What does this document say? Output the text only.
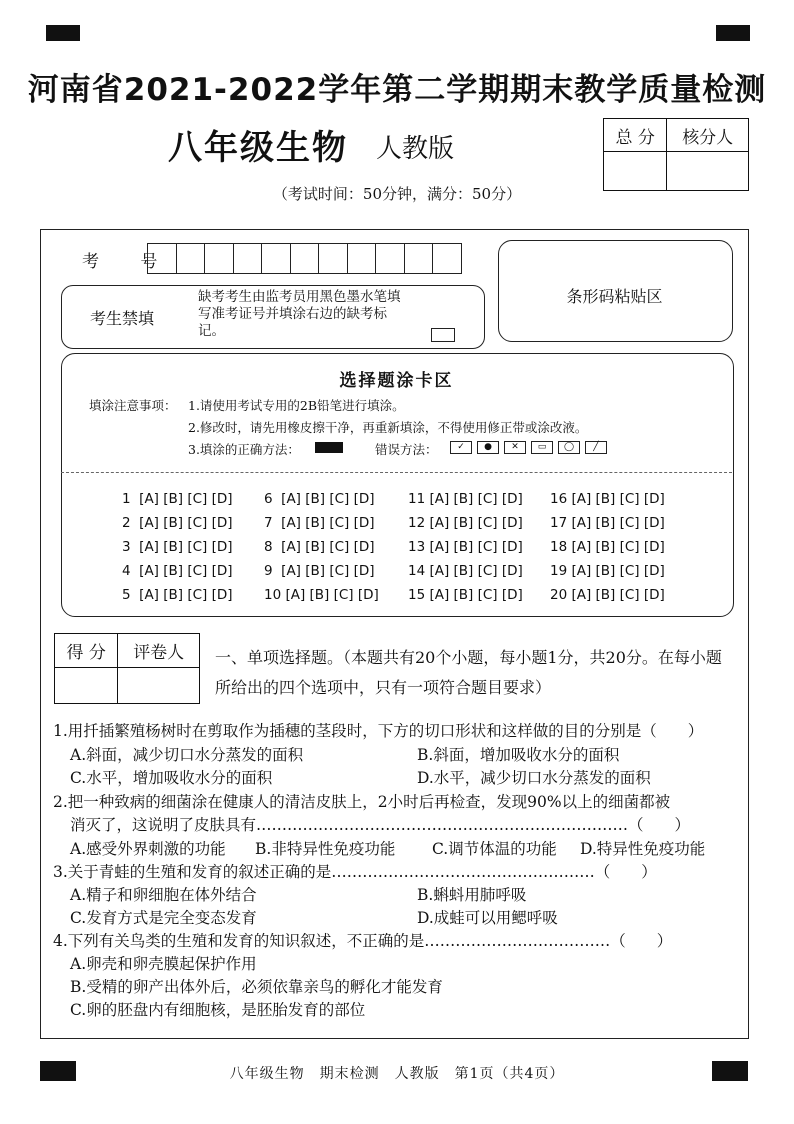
河南省2021-2022学年第二学期期末教学质量检测
八年级生物 人教版
（考试时间：50分钟，满分：50分）
总 分	核分人

考 号
条形码粘贴区
考生禁填
缺考考生由监考员用黑色墨水笔填写准考证号并填涂右边的缺考标记。
选择题涂卡区
填涂注意事项： 1.请使用考试专用的2B铅笔进行填涂。
2.修改时，请先用橡皮擦干净，再重新填涂，不得使用修正带或涂改液。
3.填涂的正确方法：	错误方法：	✓	●	✕	▭	◯	╱
1  [A] [B] [C] [D]
2  [A] [B] [C] [D]
3  [A] [B] [C] [D]
4  [A] [B] [C] [D]
5  [A] [B] [C] [D]
6  [A] [B] [C] [D]
7  [A] [B] [C] [D]
8  [A] [B] [C] [D]
9  [A] [B] [C] [D]
10 [A] [B] [C] [D]
11 [A] [B] [C] [D]
12 [A] [B] [C] [D]
13 [A] [B] [C] [D]
14 [A] [B] [C] [D]
15 [A] [B] [C] [D]
16 [A] [B] [C] [D]
17 [A] [B] [C] [D]
18 [A] [B] [C] [D]
19 [A] [B] [C] [D]
20 [A] [B] [C] [D]
得 分	评卷人
	一、单项选择题。（本题共有20个小题，每小题1分，共20分。在每小题所给出的四个选项中，只有一项符合题目要求）
1.用扦插繁殖杨树时在剪取作为插穗的茎段时，下方的切口形状和这样做的目的分别是（　　）
A.斜面，减少切口水分蒸发的面积	B.斜面，增加吸收水分的面积
C.水平，增加吸收水分的面积	D.水平，减少切口水分蒸发的面积
2.把一种致病的细菌涂在健康人的清洁皮肤上，2小时后再检查，发现90%以上的细菌都被
消灭了，这说明了皮肤具有………………………………………………………………（　　）
A.感受外界刺激的功能 B.非特异性免疫功能 C.调节体温的功能 D.特异性免疫功能
3.关于青蛙的生殖和发育的叙述正确的是……………………………………………（　　）
A.精子和卵细胞在体外结合	B.蝌蚪用肺呼吸
C.发育方式是完全变态发育	D.成蛙可以用鳃呼吸
4.下列有关鸟类的生殖和发育的知识叙述，不正确的是………………………………（　　）
A.卵壳和卵壳膜起保护作用
B.受精的卵产出体外后，必须依靠亲鸟的孵化才能发育
C.卵的胚盘内有细胞核，是胚胎发育的部位
八年级生物　期末检测　人教版　第1页（共4页）
